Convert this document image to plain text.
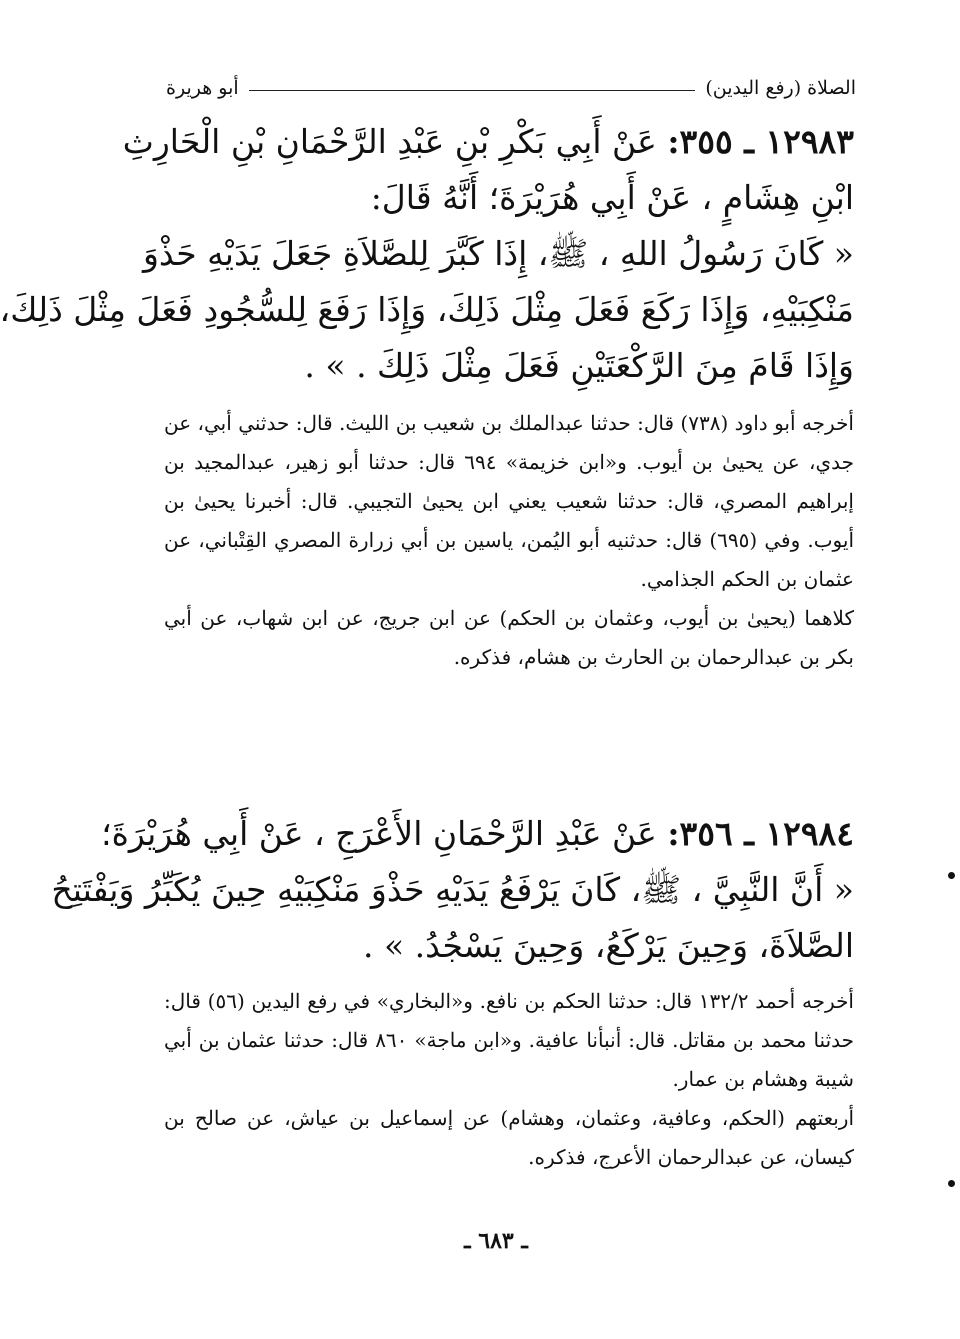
الصلاة (رفع اليدين)
أبو هريرة
١٢٩٨٣ ـ ٣٥٥: عَنْ أَبِي بَكْرِ بْنِ عَبْدِ الرَّحْمَانِ بْنِ الْحَارِثِ
ابْنِ هِشَامٍ ، عَنْ أَبِي هُرَيْرَةَ؛ أَنَّهُ قَالَ:
« كَانَ رَسُولُ اللهِ ، ﷺ، إِذَا كَبَّرَ لِلصَّلاَةِ جَعَلَ يَدَيْهِ حَذْوَ
مَنْكِبَيْهِ، وَإِذَا رَكَعَ فَعَلَ مِثْلَ ذَلِكَ، وَإِذَا رَفَعَ لِلسُّجُودِ فَعَلَ مِثْلَ ذَلِكَ،
وَإِذَا قَامَ مِنَ الرَّكْعَتَيْنِ فَعَلَ مِثْلَ ذَلِكَ . » .

أخرجه أبو داود (٧٣٨) قال: حدثنا عبدالملك بن شعيب بن الليث. قال: حدثني أبي، عن جدي، عن يحيىٰ بن أيوب. و«ابن خزيمة» ٦٩٤ قال: حدثنا أبو زهير، عبدالمجيد بن إبراهيم المصري، قال: حدثنا شعيب يعني ابن يحيىٰ التجيبي. قال: أخبرنا يحيىٰ بن أيوب. وفي (٦٩٥) قال: حدثنيه أبو اليُمن، ياسين بن أبي زرارة المصري القِتْباني، عن عثمان بن الحكم الجذامي.

كلاهما (يحيىٰ بن أيوب، وعثمان بن الحكم) عن ابن جريج، عن ابن شهاب، عن أبي بكر بن عبدالرحمان بن الحارث بن هشام، فذكره.

١٢٩٨٤ ـ ٣٥٦: عَنْ عَبْدِ الرَّحْمَانِ الأَعْرَجِ ، عَنْ أَبِي هُرَيْرَةَ؛
« أَنَّ النَّبِيَّ ، ﷺ، كَانَ يَرْفَعُ يَدَيْهِ حَذْوَ مَنْكِبَيْهِ حِينَ يُكَبِّرُ وَيَفْتَتِحُ
الصَّلاَةَ، وَحِينَ يَرْكَعُ، وَحِينَ يَسْجُدُ. » .

أخرجه أحمد ١٣٢/٢ قال: حدثنا الحكم بن نافع. و«البخاري» في رفع اليدين (٥٦) قال: حدثنا محمد بن مقاتل. قال: أنبأنا عافية. و«ابن ماجة» ٨٦٠ قال: حدثنا عثمان بن أبي شيبة وهشام بن عمار.

أربعتهم (الحكم، وعافية، وعثمان، وهشام) عن إسماعيل بن عياش، عن صالح بن كيسان، عن عبدالرحمان الأعرج، فذكره.

ـ ٦٨٣ ـ
